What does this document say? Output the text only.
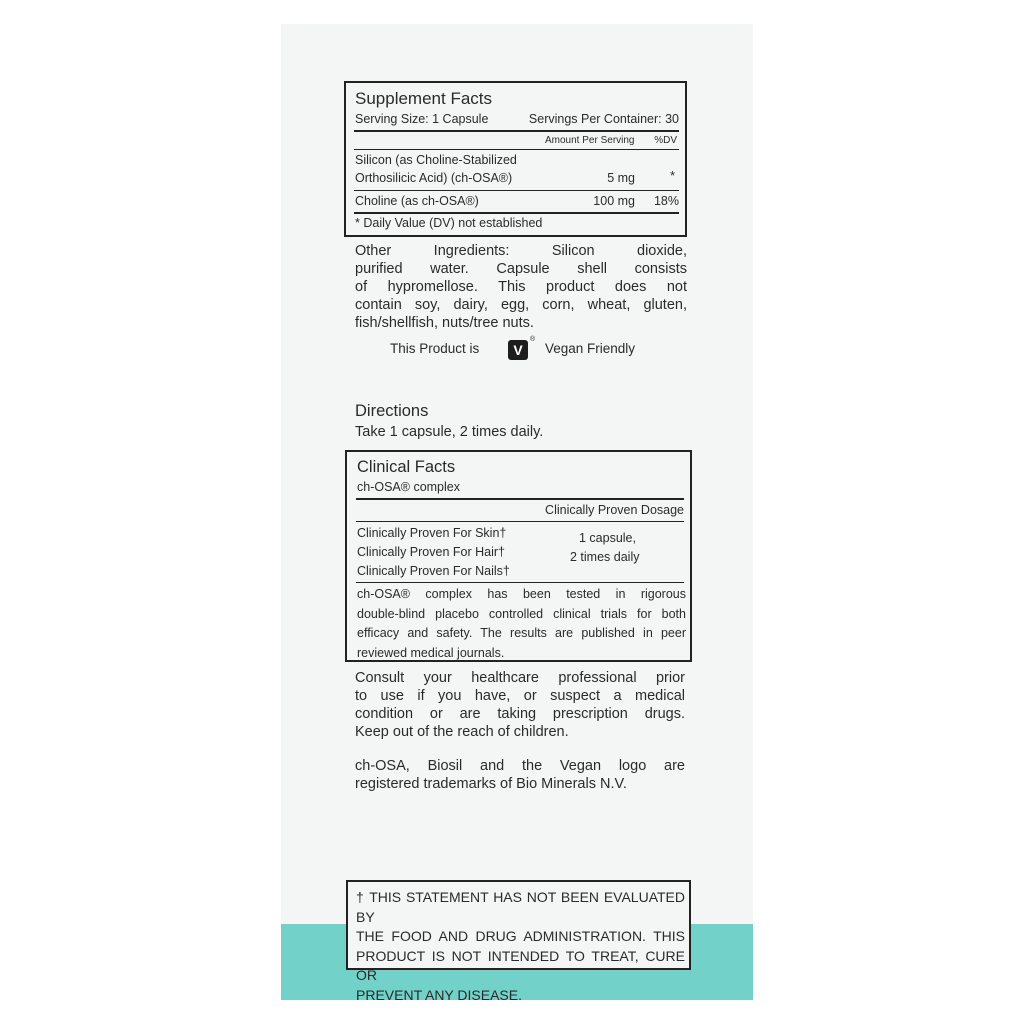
Supplement Facts
Serving Size: 1 Capsule	Servings Per Container: 30
Amount Per Serving %DV
Silicon (as Choline-Stabilized
Orthosilicic Acid) (ch-OSA®)	5 mg	*
Choline (as ch-OSA®)	100 mg 18%
* Daily Value (DV) not established
Other Ingredients: Silicon dioxide,
purified water. Capsule shell consists
of hypromellose. This product does not
contain soy, dairy, egg, corn, wheat, gluten,
fish/shellfish, nuts/tree nuts.
This Product is	V
®
Vegan Friendly
Directions
Take 1 capsule, 2 times daily.
Clinical Facts
ch-OSA® complex
Clinically Proven Dosage
Clinically Proven For Skin†
Clinically Proven For Hair†
Clinically Proven For Nails†
1 capsule,
2 times daily
ch-OSA® complex has been tested in rigorous
double-blind placebo controlled clinical trials for both
efficacy and safety. The results are published in peer
reviewed medical journals.
Consult your healthcare professional prior
to use if you have, or suspect a medical
condition or are taking prescription drugs.
Keep out of the reach of children.
ch-OSA, Biosil and the Vegan logo are
registered trademarks of Bio Minerals N.V.
† THIS STATEMENT HAS NOT BEEN EVALUATED BY
THE FOOD AND DRUG ADMINISTRATION. THIS
PRODUCT IS NOT INTENDED TO TREAT, CURE OR
PREVENT ANY DISEASE.
